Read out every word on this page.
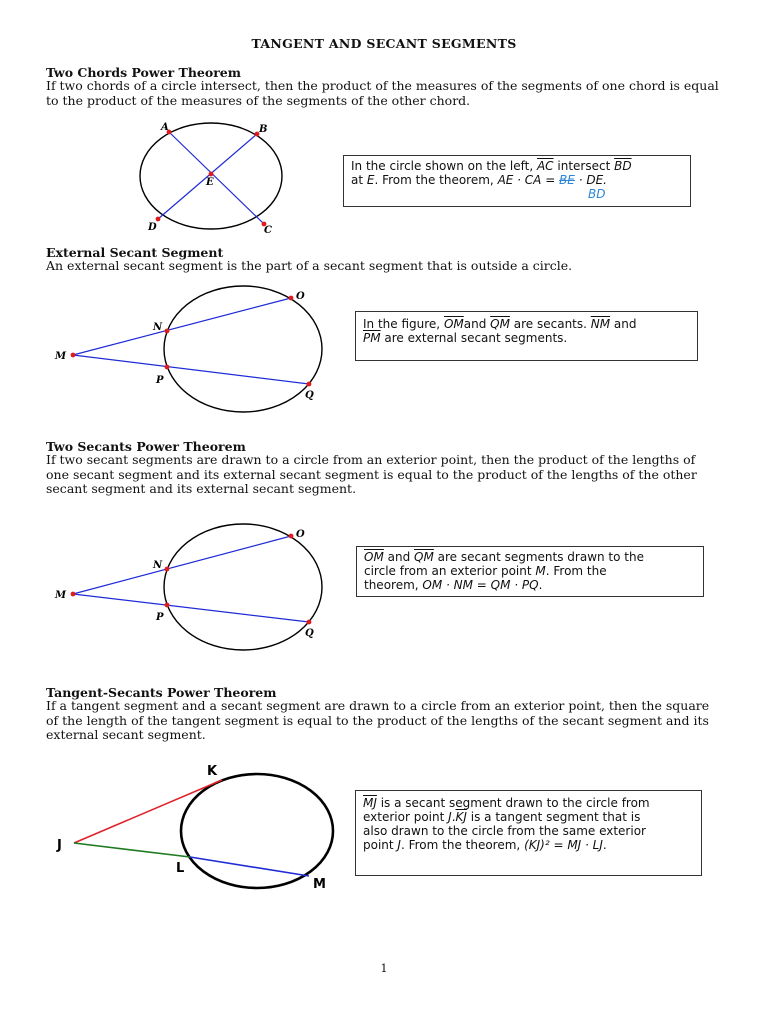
TANGENT AND SECANT SEGMENTS
Two Chords Power Theorem
If two chords of a circle intersect, then the product of the measures of the segments of one chord is equal to the product of the measures of the segments of the other chord.
A	B
C
D
E
In the circle shown on the left, $\overline{AC}$ intersect $\overline{BD}$
at E. From the theorem, AE · CA = BE · DE.
BD
External Secant Segment
An external secant segment is the part of a secant segment that is outside a circle.
M
N
O
P
Q
In the figure, $\overline{OM}and$ $\overline{QM}$ are secants. $\overline{NM}$ and
$\overline{PM}$ are external secant segments.
Two Secants Power Theorem
If two secant segments are drawn to a circle from an exterior point, then the product of the lengths of one secant segment and its external secant segment is equal to the product of the lengths of the other secant segment and its external secant segment.
M
N
O
P
Q
$\overline{OM}$ and $\overline{QM}$ are secant segments drawn to the
circle from an exterior point M. From the
theorem, OM · NM = QM · PQ.
Tangent-Secants Power Theorem
If a tangent segment and a secant segment are drawn to a circle from an exterior point, then the square of the length of the tangent segment is equal to the product of the lengths of the secant segment and its external secant segment.
K
J
L
M
$\overline{MJ}$ is a secant segment drawn to the circle from
exterior point $J.\overline{KJ}$ is a tangent segment that is
also drawn to the circle from the same exterior
point J. From the theorem, (KJ)² = MJ · LJ.
1
